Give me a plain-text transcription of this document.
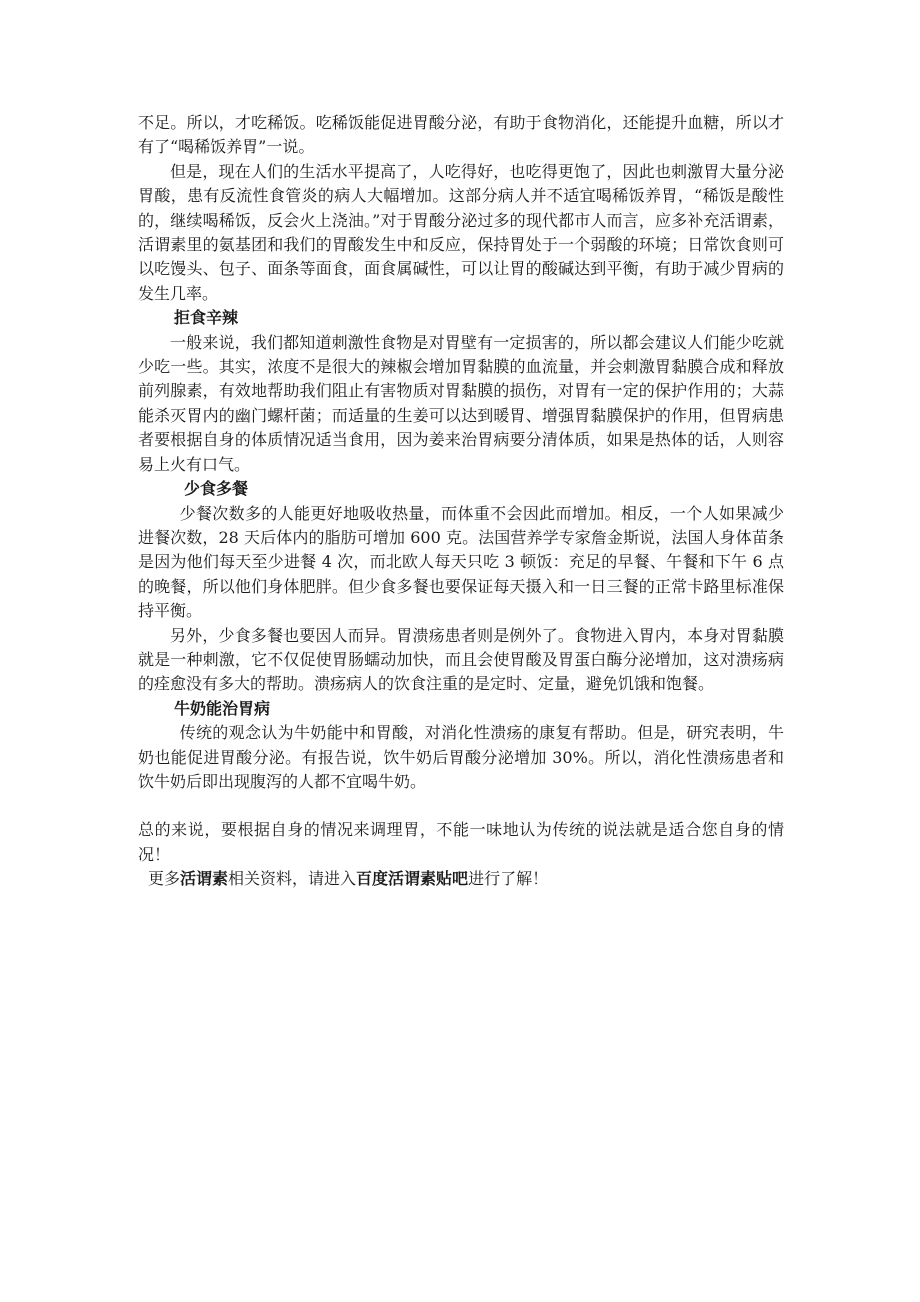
不足。所以，才吃稀饭。吃稀饭能促进胃酸分泌，有助于食物消化，还能提升血糖，所以才有了“喝稀饭养胃”一说。

但是，现在人们的生活水平提高了，人吃得好，也吃得更饱了，因此也刺激胃大量分泌胃酸，患有反流性食管炎的病人大幅增加。这部分病人并不适宜喝稀饭养胃，“稀饭是酸性的，继续喝稀饭，反会火上浇油。”对于胃酸分泌过多的现代都市人而言，应多补充活谓素，活谓素里的氨基团和我们的胃酸发生中和反应，保持胃处于一个弱酸的环境；日常饮食则可以吃馒头、包子、面条等面食，面食属碱性，可以让胃的酸碱达到平衡，有助于减少胃病的发生几率。

拒食辛辣

一般来说，我们都知道刺激性食物是对胃壁有一定损害的，所以都会建议人们能少吃就少吃一些。其实，浓度不是很大的辣椒会增加胃黏膜的血流量，并会刺激胃黏膜合成和释放前列腺素，有效地帮助我们阻止有害物质对胃黏膜的损伤，对胃有一定的保护作用的；大蒜能杀灭胃内的幽门螺杆菌；而适量的生姜可以达到暖胃、增强胃黏膜保护的作用，但胃病患者要根据自身的体质情况适当食用，因为姜来治胃病要分清体质，如果是热体的话，人则容易上火有口气。

少食多餐

少餐次数多的人能更好地吸收热量，而体重不会因此而增加。相反，一个人如果减少进餐次数，28 天后体内的脂肪可增加 600 克。法国营养学专家詹金斯说，法国人身体苗条是因为他们每天至少进餐 4 次，而北欧人每天只吃 3 顿饭：充足的早餐、午餐和下午 6 点的晚餐，所以他们身体肥胖。但少食多餐也要保证每天摄入和一日三餐的正常卡路里标准保持平衡。

另外，少食多餐也要因人而异。胃溃疡患者则是例外了。食物进入胃内，本身对胃黏膜就是一种刺激，它不仅促使胃肠蠕动加快，而且会使胃酸及胃蛋白酶分泌增加，这对溃疡病的痊愈没有多大的帮助。溃疡病人的饮食注重的是定时、定量，避免饥饿和饱餐。

牛奶能治胃病

传统的观念认为牛奶能中和胃酸，对消化性溃疡的康复有帮助。但是，研究表明，牛奶也能促进胃酸分泌。有报告说，饮牛奶后胃酸分泌增加 30%。所以，消化性溃疡患者和饮牛奶后即出现腹泻的人都不宜喝牛奶。

总的来说，要根据自身的情况来调理胃，不能一味地认为传统的说法就是适合您自身的情况！

更多活谓素相关资料，请进入百度活谓素贴吧进行了解！
